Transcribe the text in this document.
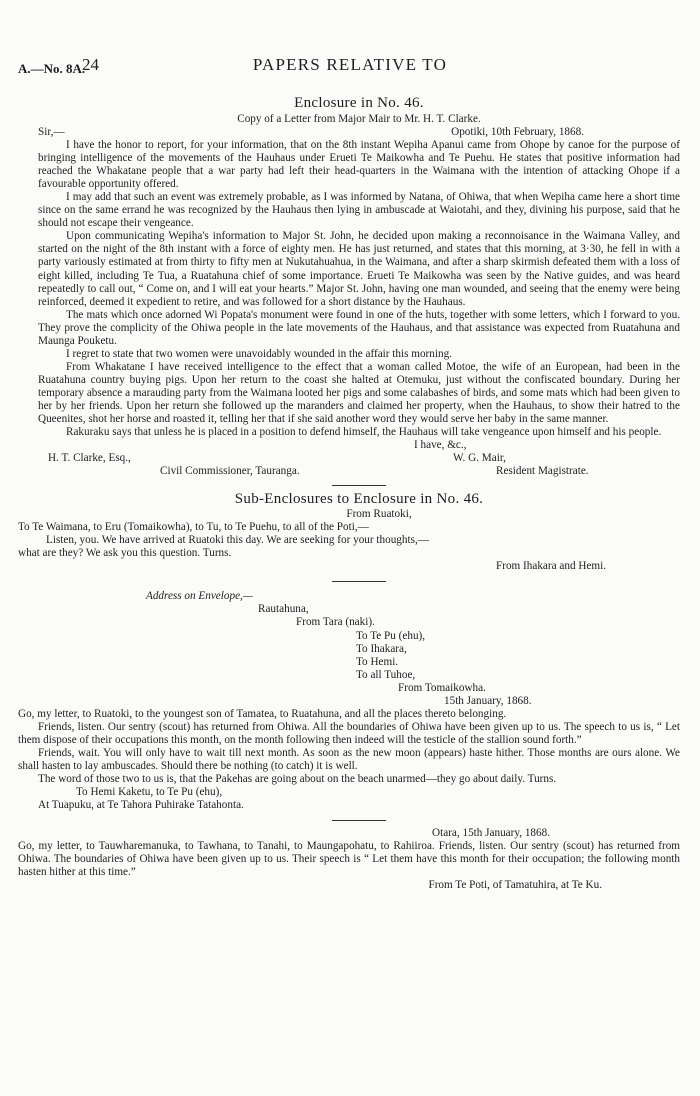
A.—No. 8A.
24	PAPERS RELATIVE TO
Enclosure in No. 46.
Copy of a Letter from Major Mair to Mr. H. T. Clarke.
Sir,—	Opotiki, 10th February, 1868.

I have the honor to report, for your information, that on the 8th instant Wepiha Apanui came from Ohope by canoe for the purpose of bringing intelligence of the movements of the Hauhaus under Erueti Te Maikowha and Te Puehu. He states that positive information had reached the Whakatane people that a war party had left their head-quarters in the Waimana with the intention of attacking Ohope if a favourable opportunity offered.

I may add that such an event was extremely probable, as I was informed by Natana, of Ohiwa, that when Wepiha came here a short time since on the same errand he was recognized by the Hauhaus then lying in ambuscade at Waiotahi, and they, divining his purpose, said that he should not escape their vengeance.

Upon communicating Wepiha's information to Major St. John, he decided upon making a reconnoisance in the Waimana Valley, and started on the night of the 8th instant with a force of eighty men. He has just returned, and states that this morning, at 3·30, he fell in with a party variously estimated at from thirty to fifty men at Nukutahuahua, in the Waimana, and after a sharp skirmish defeated them with a loss of eight killed, including Te Tua, a Ruatahuna chief of some importance. Erueti Te Maikowha was seen by the Native guides, and was heard repeatedly to call out, “ Come on, and I will eat your hearts.” Major St. John, having one man wounded, and seeing that the enemy were being reinforced, deemed it expedient to retire, and was followed for a short distance by the Hauhaus.

The mats which once adorned Wi Popata's monument were found in one of the huts, together with some letters, which I forward to you. They prove the complicity of the Ohiwa people in the late movements of the Hauhaus, and that assistance was expected from Ruatahuna and Maunga Pouketu.

I regret to state that two women were unavoidably wounded in the affair this morning.

From Whakatane I have received intelligence to the effect that a woman called Motoe, the wife of an European, had been in the Ruatahuna country buying pigs. Upon her return to the coast she halted at Otemuku, just without the confiscated boundary. During her temporary absence a marauding party from the Waimana looted her pigs and some calabashes of birds, and some mats which had been given to her by her friends. Upon her return she followed up the maranders and claimed her property, when the Hauhaus, to show their hatred to the Queenites, shot her horse and roasted it, telling her that if she said another word they would serve her baby in the same manner.

Rakuraku says that unless he is placed in a position to defend himself, the Hauhaus will take vengeance upon himself and his people.

I have, &c.,
H. T. Clarke, Esq.,	W. G. Mair,
Civil Commissioner, Tauranga.	Resident Magistrate.
Sub-Enclosures to Enclosure in No. 46.
From Ruatoki,
To Te Waimana, to Eru (Tomaikowha), to Tu, to Te Puehu, to all of the Poti,—
Listen, you. We have arrived at Ruatoki this day. We are seeking for your thoughts,—
what are they? We ask you this question. Turns.
From Ihakara and Hemi.
Address on Envelope,—
Rautahuna,
From Tara (naki).
To Te Pu (ehu),
To Ihakara,
To Hemi.
To all Tuhoe,
From Tomaikowha.
15th January, 1868.

Go, my letter, to Ruatoki, to the youngest son of Tamatea, to Ruatahuna, and all the places thereto belonging.

Friends, listen. Our sentry (scout) has returned from Ohiwa. All the boundaries of Ohiwa have been given up to us. The speech to us is, “ Let them dispose of their occupations this month, on the month following then indeed will the testicle of the stallion sound forth.”

Friends, wait. You will only have to wait till next month. As soon as the new moon (appears) haste hither. Those months are ours alone. We shall hasten to lay ambuscades. Should there be nothing (to catch) it is well.

The word of those two to us is, that the Pakehas are going about on the beach unarmed—they go about daily. Turns.

To Hemi Kaketu, to Te Pu (ehu),
At Tuapuku, at Te Tahora Puhirake Tatahonta.
Otara, 15th January, 1868.

Go, my letter, to Tauwharemanuka, to Tawhana, to Tanahi, to Maungapohatu, to Rahiiroa. Friends, listen. Our sentry (scout) has returned from Ohiwa. The boundaries of Ohiwa have been given up to us. Their speech is “ Let them have this month for their occupation; the following month hasten hither at this time.”

From Te Poti, of Tamatuhira, at Te Ku.
